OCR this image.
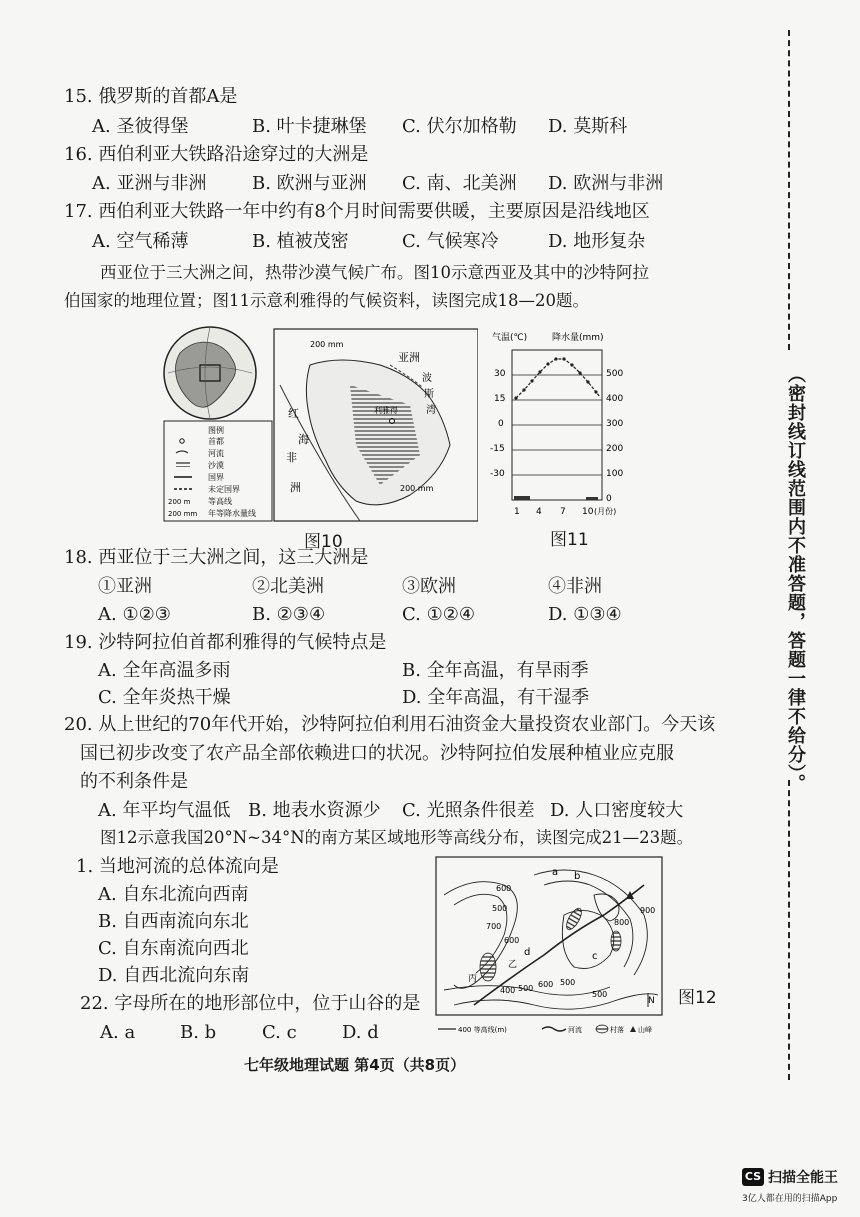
15. 俄罗斯的首都A是
A. 圣彼得堡	B. 叶卡捷琳堡 C. 伏尔加格勒 D. 莫斯科
16. 西伯利亚大铁路沿途穿过的大洲是
A. 亚洲与非洲	B. 欧洲与亚洲 C. 南、北美洲 D. 欧洲与非洲
17. 西伯利亚大铁路一年中约有8个月时间需要供暖，主要原因是沿线地区
A. 空气稀薄	B. 植被茂密	C. 气候寒冷	D. 地形复杂
西亚位于三大洲之间，热带沙漠气候广布。图10示意西亚及其中的沙特阿拉
伯国家的地理位置；图11示意利雅得的气候资料，读图完成18—20题。
图例
首都
河流
沙漠
国界
未定国界
200 m 等高线
200 mm 年等降水量线
亚洲
红
海
非
洲
利雅得
波
斯
湾
200 mm
200 mm
图10
气温(℃)	降水量(mm)
30
15
0
-15
-30
500
400
300
200
100
0
1 4 7 10 (月份)
图11
18. 西亚位于三大洲之间，这三大洲是
①亚洲	②北美洲	③欧洲	④非洲
A. ①②③	B. ②③④	C. ①②④	D. ①③④
19. 沙特阿拉伯首都利雅得的气候特点是
A. 全年高温多雨	B. 全年高温，有旱雨季
C. 全年炎热干燥	D. 全年高温，有干湿季
20. 从上世纪的70年代开始，沙特阿拉伯利用石油资金大量投资农业部门。今天该
国已初步改变了农产品全部依赖进口的状况。沙特阿拉伯发展种植业应克服
的不利条件是
A. 年平均气温低 B. 地表水资源少 C. 光照条件很差 D. 人口密度较大
图12示意我国20°N~34°N的南方某区域地形等高线分布，读图完成21—23题。
1. 当地河流的总体流向是
A. 自东北流向西南
B. 自西南流向东北
C. 自东南流向西北
D. 自西北流向东南
22. 字母所在的地形部位中，位于山谷的是
A. a B. b	C. c	D. d
600
500
700
600
800
900
400 500 600 500
500
a b
c
d
丙
乙
N
400 等高线(m)	河流	村落 山峰
图12
七年级地理试题 第4页（共8页）
（密封线订线范围内不准答题，答题一律不给分）。
CS 扫描全能王
3亿人都在用的扫描App
